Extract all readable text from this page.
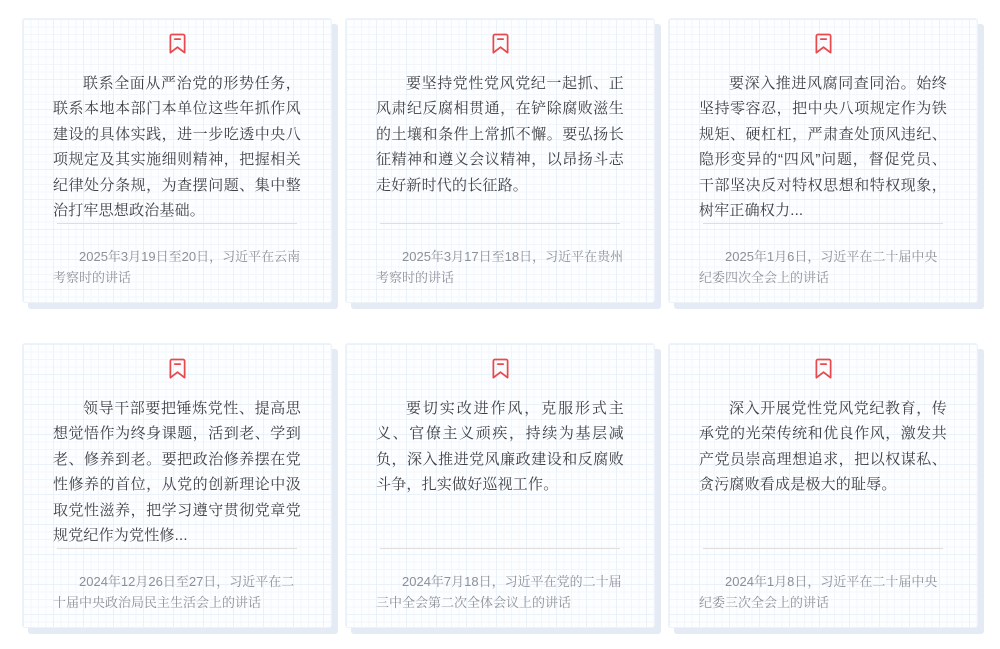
联系全面从严治党的形势任务，联系本地本部门本单位这些年抓作风建设的具体实践，进一步吃透中央八项规定及其实施细则精神，把握相关纪律处分条规，为查摆问题、集中整治打牢思想政治基础。

2025年3月19日至20日，习近平在云南考察时的讲话

要坚持党性党风党纪一起抓、正风肃纪反腐相贯通，在铲除腐败滋生的土壤和条件上常抓不懈。要弘扬长征精神和遵义会议精神，以昂扬斗志走好新时代的长征路。

2025年3月17日至18日，习近平在贵州考察时的讲话

要深入推进风腐同查同治。始终坚持零容忍，把中央八项规定作为铁规矩、硬杠杠，严肃查处顶风违纪、隐形变异的“四风”问题，督促党员、干部坚决反对特权思想和特权现象，树牢正确权力...

2025年1月6日，习近平在二十届中央纪委四次全会上的讲话

领导干部要把锤炼党性、提高思想觉悟作为终身课题，活到老、学到老、修养到老。要把政治修养摆在党性修养的首位，从党的创新理论中汲取党性滋养，把学习遵守贯彻党章党规党纪作为党性修...

2024年12月26日至27日，习近平在二十届中央政治局民主生活会上的讲话

要切实改进作风，克服形式主义、官僚主义顽疾，持续为基层减负，深入推进党风廉政建设和反腐败斗争，扎实做好巡视工作。

2024年7月18日，习近平在党的二十届三中全会第二次全体会议上的讲话

深入开展党性党风党纪教育，传承党的光荣传统和优良作风，激发共产党员崇高理想追求，把以权谋私、贪污腐败看成是极大的耻辱。

2024年1月8日，习近平在二十届中央纪委三次全会上的讲话
